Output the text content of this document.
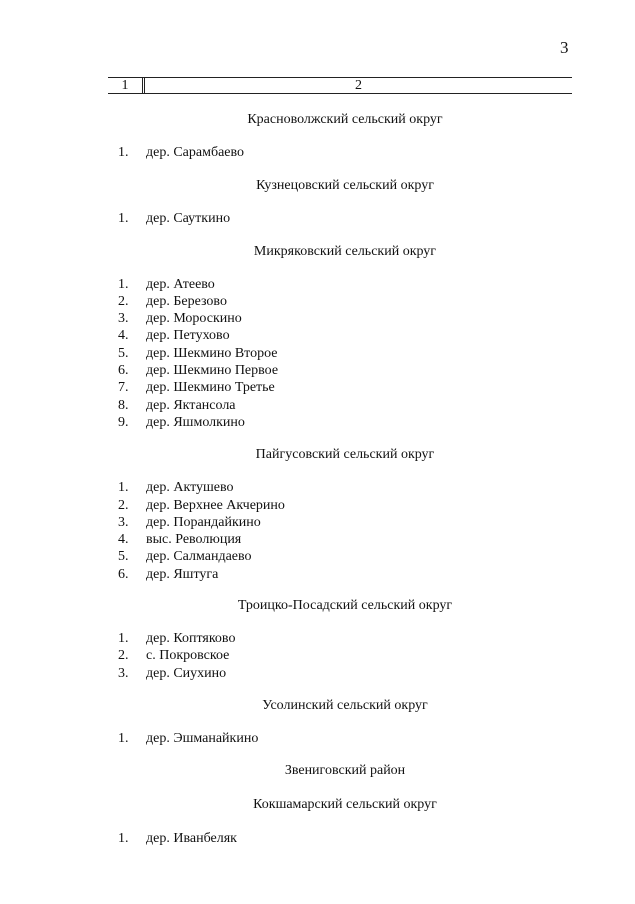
3
1	2
Красноволжский сельский округ
1. дер. Сарамбаево
Кузнецовский сельский округ
1. дер. Сауткино
Микряковский сельский округ
1. дер. Атеево
2. дер. Березово
3. дер. Мороскино
4. дер. Петухово
5. дер. Шекмино Второе
6. дер. Шекмино Первое
7. дер. Шекмино Третье
8. дер. Яктансола
9. дер. Яшмолкино
Пайгусовский сельский округ
1. дер. Актушево
2. дер. Верхнее Акчерино
3. дер. Порандайкино
4. выс. Революция
5. дер. Салмандаево
6. дер. Яштуга
Троицко-Посадский сельский округ
1. дер. Коптяково
2. с. Покровское
3. дер. Сиухино
Усолинский сельский округ
1. дер. Эшманайкино
Звениговский район
Кокшамарский сельский округ
1. дер. Иванбеляк
